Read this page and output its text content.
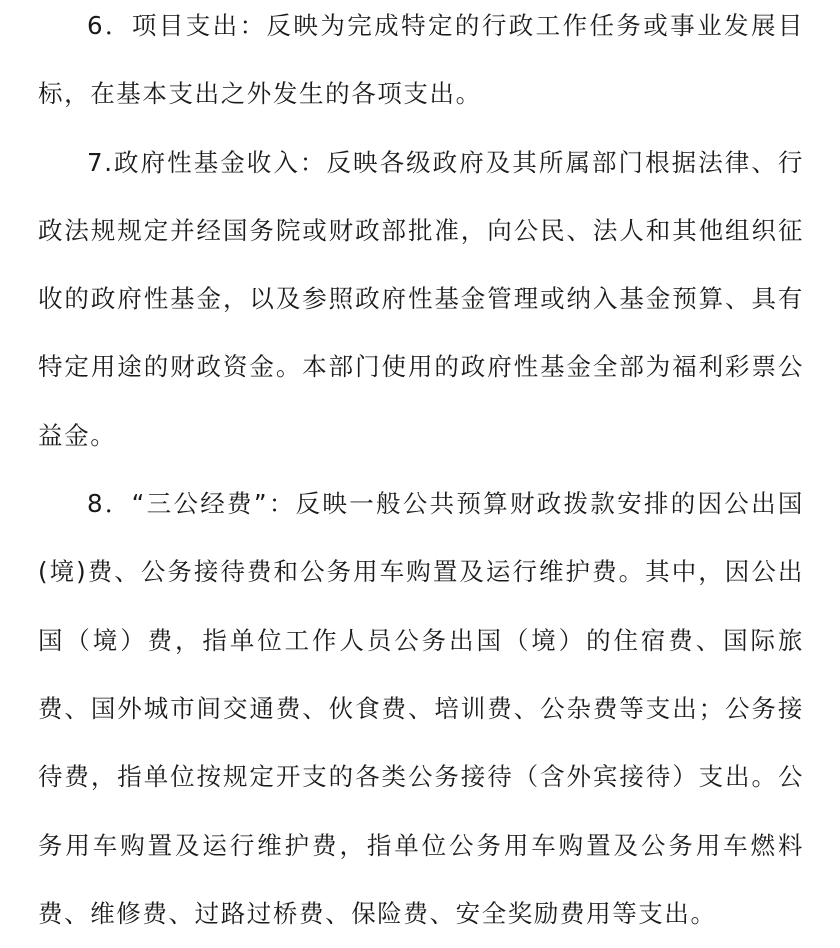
6．项目支出：反映为完成特定的行政工作任务或事业发展目标，在基本支出之外发生的各项支出。

7.政府性基金收入：反映各级政府及其所属部门根据法律、行政法规规定并经国务院或财政部批准，向公民、法人和其他组织征收的政府性基金，以及参照政府性基金管理或纳入基金预算、具有特定用途的财政资金。本部门使用的政府性基金全部为福利彩票公益金。

8．“三公经费”：反映一般公共预算财政拨款安排的因公出国(境)费、公务接待费和公务用车购置及运行维护费。其中，因公出国（境）费，指单位工作人员公务出国（境）的住宿费、国际旅费、国外城市间交通费、伙食费、培训费、公杂费等支出；公务接待费，指单位按规定开支的各类公务接待（含外宾接待）支出。公务用车购置及运行维护费，指单位公务用车购置及公务用车燃料费、维修费、过路过桥费、保险费、安全奖励费用等支出。
